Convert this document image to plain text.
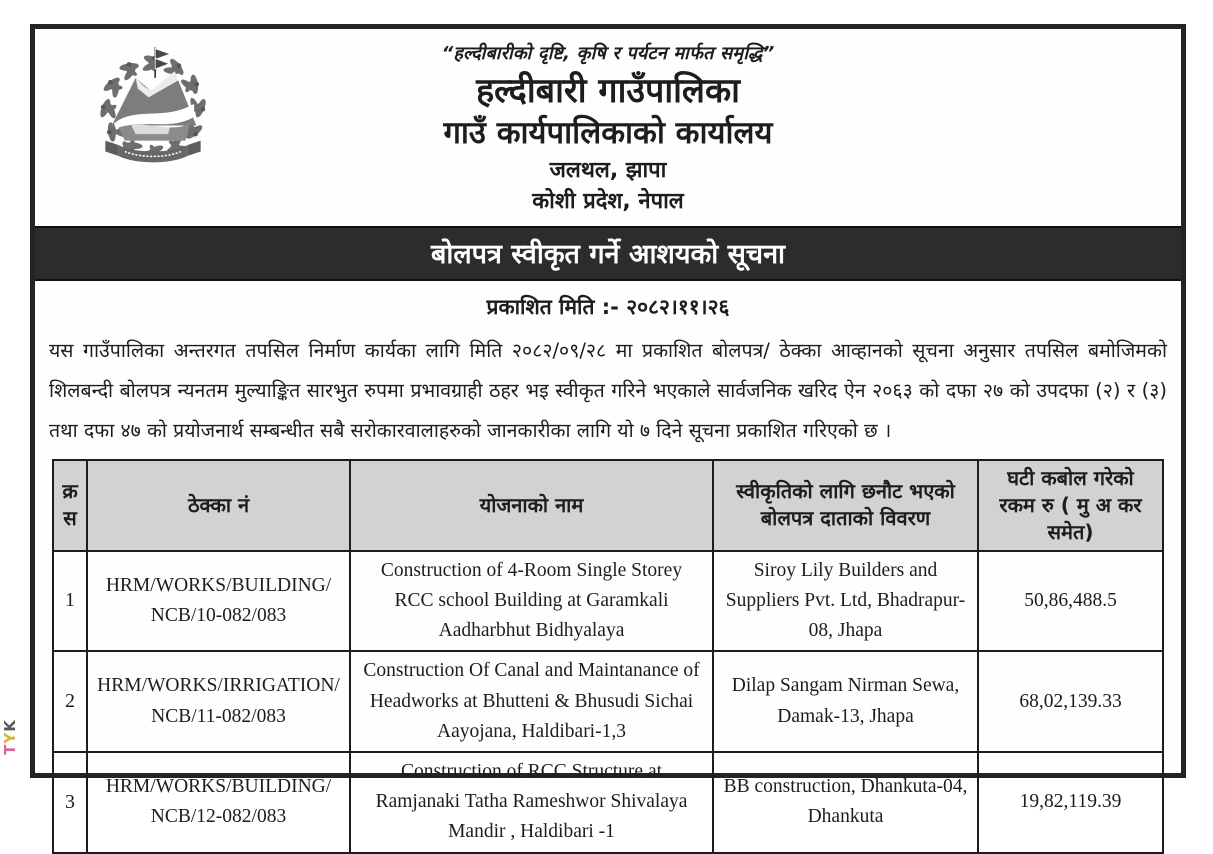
“हल्दीबारीको दृष्टि, कृषि र पर्यटन मार्फत समृद्धि”
हल्दीबारी गाउँपालिका
गाउँ कार्यपालिकाको कार्यालय
जलथल, झापा
कोशी प्रदेश, नेपाल
बोलपत्र स्वीकृत गर्ने आशयको सूचना
प्रकाशित मिति :- २०८२।११।२६
यस गाउँपालिका अन्तरगत तपसिल निर्माण कार्यका लागि मिति २०८२/०९/२८ मा प्रकाशित बोलपत्र/ ठेक्का आव्हानको सूचना अनुसार तपसिल बमोजिमको शिलबन्दी बोलपत्र न्यनतम मुल्याङ्कित सारभुत रुपमा प्रभावग्राही ठहर भइ स्वीकृत गरिने भएकाले सार्वजनिक खरिद ऐन २०६३ को दफा २७ को उपदफा (२) र (३) तथा दफा ४७ को प्रयोजनार्थ सम्बन्धीत सबै सरोकारवालाहरुको जानकारीका लागि यो ७ दिने सूचना प्रकाशित गरिएको छ ।
क्र स	ठेक्का नं	योजनाको नाम	स्वीकृतिको लागि छनौट भएको बोलपत्र दाताको विवरण	घटी कबोल गरेको रकम रु ( मु अ कर समेत)
1	HRM/WORKS/BUILDING/ NCB/10-082/083	Construction of 4-Room Single Storey RCC school Building at Garamkali Aadharbhut Bidhyalaya	Siroy Lily Builders and Suppliers Pvt. Ltd, Bhadrapur-08, Jhapa	50,86,488.5
2	HRM/WORKS/IRRIGATION/ NCB/11-082/083	Construction Of Canal and Maintanance of Headworks at Bhutteni & Bhusudi Sichai Aayojana, Haldibari-1,3	Dilap Sangam Nirman Sewa, Damak-13, Jhapa	68,02,139.33
3	HRM/WORKS/BUILDING/ NCB/12-082/083	Construction of RCC Structure at Ramjanaki Tatha Rameshwor Shivalaya Mandir , Haldibari -1	BB construction, Dhankuta-04, Dhankuta	19,82,119.39
TYK
